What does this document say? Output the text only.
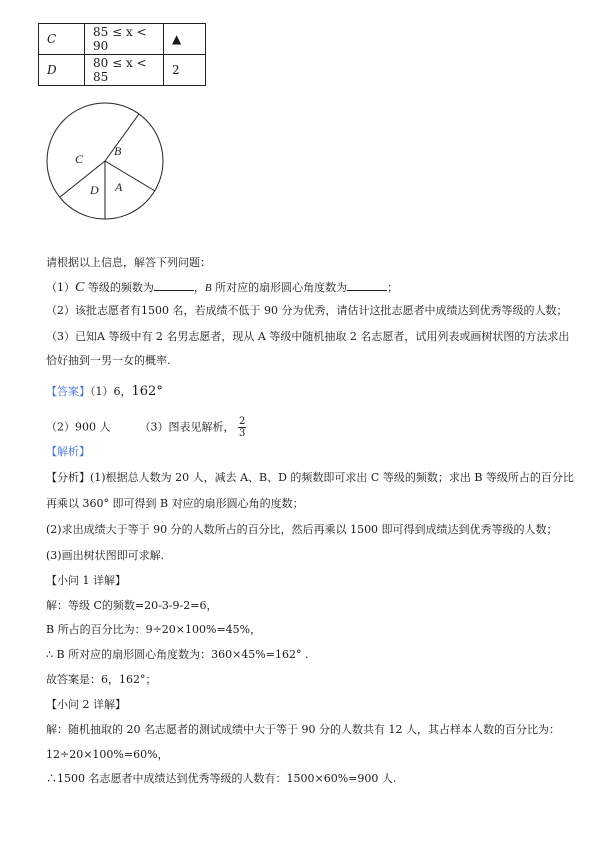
C	85 ≤ x < 90	▲
D	80 ≤ x < 85	2
C
B
D A
请根据以上信息，解答下列问题：
（1）C 等级的频数为	，B 所对应的扇形圆心角度数为	；
（2）该批志愿者有1500 名，若成绩不低于 90 分为优秀，请估计这批志愿者中成绩达到优秀等级的人数；
（3）已知A 等级中有 2 名男志愿者，现从 A 等级中随机抽取 2 名志愿者，试用列表或画树状图的方法求出
恰好抽到一男一女的概率.
【答案】（1）6，162°
（2）900 人	（3）图表见解析， $\frac{2}{3}$
【解析】
【分析】(1)根据总人数为 20 人，减去 A、B、D 的频数即可求出 C 等级的频数；求出 B 等级所占的百分比
再乘以 360° 即可得到 B 对应的扇形圆心角的度数；
(2)求出成绩大于等于 90 分的人数所占的百分比，然后再乘以 1500 即可得到成绩达到优秀等级的人数；
(3)画出树状图即可求解.
【小问 1 详解】
解：等级 C的频数=20-3-9-2=6，
B 所占的百分比为：9÷20×100%=45%，
∴ B 所对应的扇形圆心角度数为：360×45%=162° .
故答案是：6，162°；
【小问 2 详解】
解：随机抽取的 20 名志愿者的测试成绩中大于等于 90 分的人数共有 12 人，其占样本人数的百分比为：
12÷20×100%=60%，
∴1500 名志愿者中成绩达到优秀等级的人数有：1500×60%=900 人.
